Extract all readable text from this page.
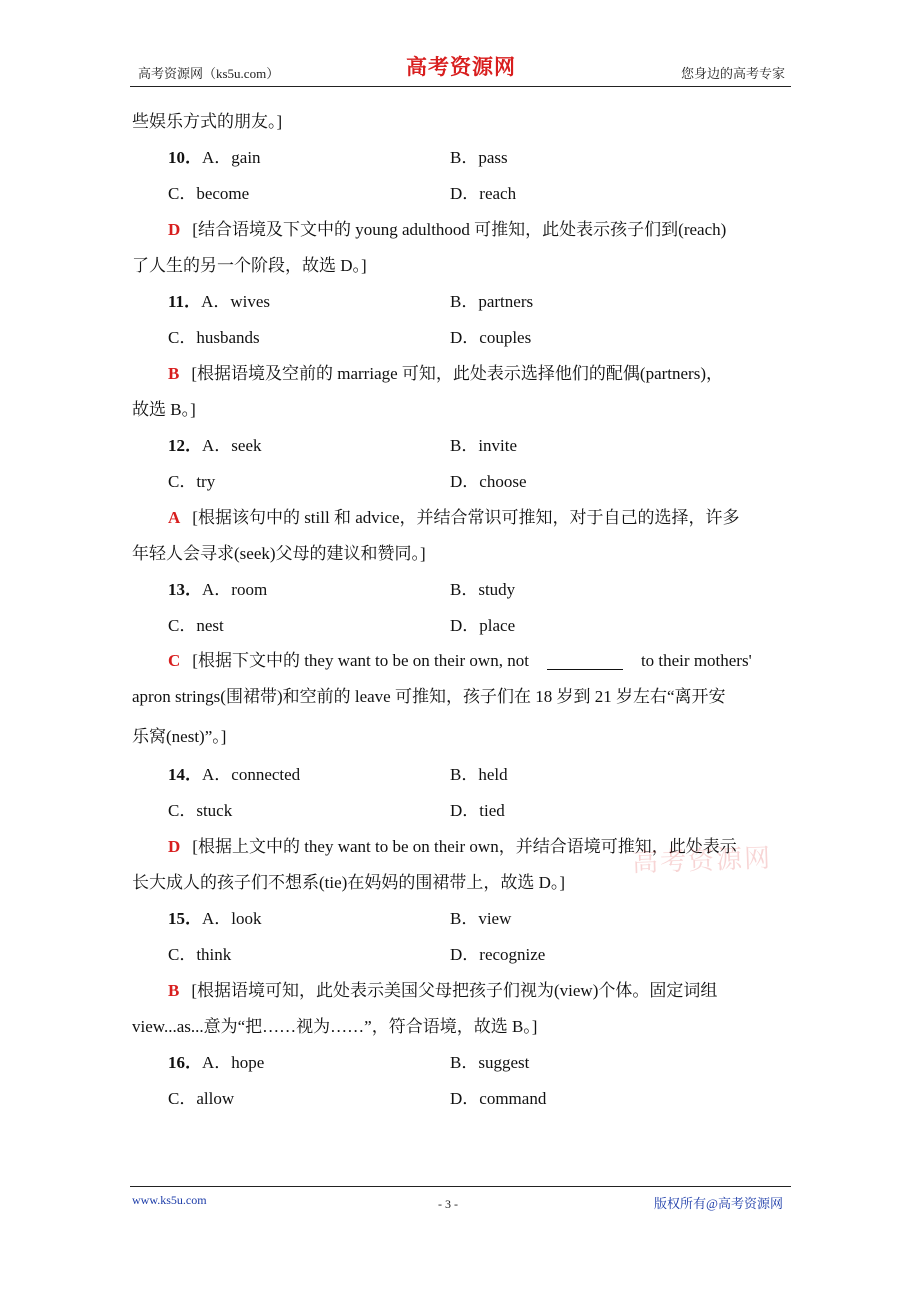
高考资源网（ks5u.com）	高考资源网	您身边的高考专家
些娱乐方式的朋友。]
10．A．gain	B．pass
C．become	D．reach
D [结合语境及下文中的 young adulthood 可推知，此处表示孩子们到(reach)
了人生的另一个阶段，故选 D。]
11．A．wives	B．partners
C．husbands	D．couples
B [根据语境及空前的 marriage 可知，此处表示选择他们的配偶(partners)，
故选 B。]
12．A．seek	B．invite
C．try	D．choose
A [根据该句中的 still 和 advice，并结合常识可推知，对于自己的选择，许多
年轻人会寻求(seek)父母的建议和赞同。]
13．A．room	B．study
C．nest	D．place
C [根据下文中的 they want to be on their own, not	to their mothers'
apron strings(围裙带)和空前的 leave 可推知，孩子们在 18 岁到 21 岁左右“离开安
乐窝(nest)”。]
14．A．connected	B．held
C．stuck	D．tied
D [根据上文中的 they want to be on their own，并结合语境可推知，此处表示
长大成人的孩子们不想系(tie)在妈妈的围裙带上，故选 D。]
15．A．look	B．view
C．think	D．recognize
B [根据语境可知，此处表示美国父母把孩子们视为(view)个体。固定词组
view...as...意为“把……视为……”，符合语境，故选 B。]
16．A．hope	B．suggest
C．allow	D．command
高考资源网
www.ks5u.com	- 3 -	版权所有@高考资源网
